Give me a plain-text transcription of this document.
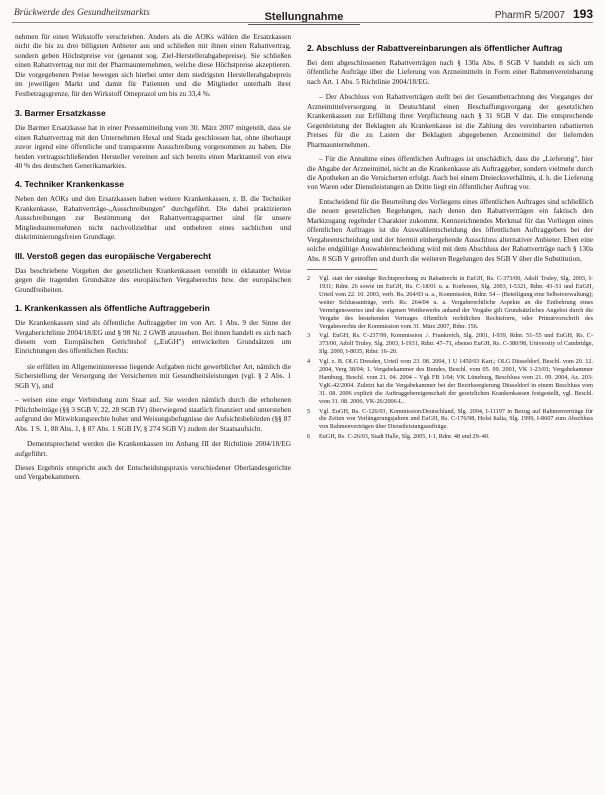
Brückwerde des Gesundheitsmarkts	Stellungnahme	PharmR 5/2007 193

nehmen für einen Wirkstoffe verschrieben. Anders als die AOKs wählen die Ersatzkassen nicht die bis zu drei billigsten Anbieter aus und schließen mit ihnen einen Rabattvertrag, sondern geben Höchstpreise vor (genannt sog. Ziel-Herstellerabgabepreise). Sie schließen einen Rabattvertrag nur mit der Pharmaunternehmen, welche diese Höchstpreise akzeptieren. Die vorgegebenen Preise bewegen sich hierbei unter dem niedrigsten Herstellerabgabepreis im jeweiligen Markt und damit für Patienten und die Mitglieder unterhalb ihrer Festbetragsgrenze, für den Wirkstoff Omeprazol um bis zu 33,4 %.

3. Barmer Ersatzkasse

Die Barmer Ersatzkasse hat in einer Pressemitteilung vom 30. März 2007 mitgeteilt, dass sie einen Rabattvertrag mit den Unternehmen Hexal und Stada geschlossen hat, ohne überhaupt zuvor irgend eine öffentliche und transparente Ausschreibung vorgenommen zu haben. Die beiden vertragsschließenden Hersteller vereinen auf sich bereits einen Marktanteil von etwa 40 % des deutschen Generikamarktes.

4. Techniker Krankenkasse

Neben den AOKs und den Ersatzkassen haben weitere Krankenkassen, z. B. die Techniker Krankenkasse, Rabattverträge-„Ausschreibungen" durchgeführt. Die dabei praktizierten Ausschreibungen zur Bestimmung der Rabattvertragspartner sind für unsere Mitgliedsunternehmen nicht nachvollziehbar und entbehren eines sachlichen und diskriminierungsfreien Grundlage.

III. Verstoß gegen das europäische Vergaberecht

Das beschriebene Vorgehen der gesetzlichen Krankenkassen verstößt in eklatanter Weise gegen die tragenden Grundsätze des europäischen Vergaberechts bzw. der europäischen Grundfreiheiten.

1. Krankenkassen als öffentliche Auftraggeberin

Die Krankenkassen sind als öffentliche Auftraggeber im von Art. 1 Abs. 9 der Sinne der Vergaberichtlinie 2004/18/EG und § 98 Nr. 2 GWB anzusehen. Bei ihnen handelt es sich nach diesem vom Europäischen Gerichtshof („EuGH") entwickelten Grundsätzen um Einrichtungen des öffentlichen Rechts:

sie erfüllen im Allgemeininteresse liegende Aufgaben nicht gewerblicher Art, nämlich die Sicherstellung der Versorgung der Versicherten mit Gesundheitsleistungen (vgl. § 2 Abs. 1 SGB V), und

– weisen eine enge Verbindung zum Staat auf. Sie werden nämlich durch die erhobenen Pflichtbeiträge (§§ 3 SGB V, 22, 28 SGB IV) überwiegend staatlich finanziert und unterstehen aufgrund der Mitwirkungsrechte hoher und Weisungsbefugnisse der Aufsichtsbehörden (§§ 87 Abs. 1 S. 1, 88 Abs. 1, § 87 Abs. 1 SGB IV, § 274 SGB V) zudem der Staatsaufsicht.

Dementsprechend werden die Krankenkassen im Anhang III der Richtlinie 2004/18/EG aufgeführt.

Dieses Ergebnis entspricht auch der Entscheidungspraxis verschiedener Oberlandesgerichte und Vergabekammern.

2. Abschluss der Rabattvereinbarungen als öffentlicher Auftrag

Bei dem abgeschlossenen Rabattverträgen nach § 130a Abs. 8 SGB V handelt es sich um öffentliche Aufträge über die Lieferung von Arzneimitteln in Form einer Rahmenvereinbarung nach Art. 1 Abs. 5 Richtlinie 2004/18/EG.

– Der Abschluss von Rabattverträgen stellt bei der Gesamtbetrachtung des Vorganges der Arzneimittelversorgung in Deutschland einen Beschaffungsvorgang der gesetzlichen Krankenkassen zur Erfüllung ihrer Verpflichtung nach § 31 SGB V dar. Die entsprechende Gegenleistung der Beklagten als Krankenkasse ist die Zahlung des vereinbarten rabattierten Preises für die zu Lasten der Beklagten abgegebenen Arzneimittel der liefernden Pharmaunternehmen.

– Für die Annahme eines öffentlichen Auftrages ist unschädlich, dass die „Lieferung", hier die Abgabe der Arzneimittel, nicht an die Krankenkasse als Auftraggeber, sondern vielmehr durch die Apotheken an die Versicherten erfolgt. Auch bei einem Dreiecksverhältnis, d. h. die Lieferung von Waren oder Dienstleistungen an Dritte liegt ein öffentlicher Auftrag vor.

Entscheidend für die Beurteilung des Vorliegens eines öffentlichen Auftrages sind schließlich die neuen gesetzlichen Regelungen, nach denen den Rabattverträgen ein faktisch den Marktzugang regelnder Charakter zukommt. Kennzeichnendes Merkmal für das Vorliegen eines öffentlichen Auftrages ist die Auswahlentscheidung des öffentlichen Auftraggebers bei der Vergabeentscheidung und der hiermit einhergehende Ausschluss alternativer Anbieter. Eben eine solche endgültige Auswahlentscheidung wird mit dem Abschluss der Rabattverträge nach § 130a Abs. 8 SGB V getroffen und durch die weiteren Regelungen des SGB V über die Substitution.

2	Vgl. statt der ständige Rechtsprechung zu Rabattrecht in EuGH, Rs. C-373/00, Adolf Truley, Slg. 2003, I-1931; Rdnr. 26 sowie im EuGH, Rs. C-18/01 u. a. Korhonen, Slg. 2003, I-5321, Rdnr. 43–51 und EuGH, Urteil vom 22. 10. 2003, verb. Rs. 264/03 u. a., Kommission, Rdnr. 54 – (Beteiligung eine Selbstverwaltung); weiter Schlussanträge, verb. Rs. 264/04 u. a. Vergaberechtliche Aspekte an die Entbehrung eines Vermögenswertes und des eigenen Wettbewerbs anhand der Vergabe gilt Grundsätzliches Angebot durch die Vergabe des bestehenden Vertrages öffentlich rechtlichen Rechtsform, oder Primärvorschrift des Vergabesrechts der Kommission vom 31. März 2007, Rdnr. 156.
3	Vgl. EuGH, Rs. C-237/99, Kommission ./. Frankreich, Slg. 2001, I-939, Rdnr. 51–55 und EuGH, Rs. C-373/00, Adolf Truley, Slg. 2003, I-1931, Rdnr. 47–71, ebenso EuGH, Rs. C-380/98, University of Cambridge, Slg. 2000, I-8035, Rdnr. 16–20.
4	Vgl. z. B. OLG Dresden, Urteil vom 23. 08. 2004, 1 U 1450/03 Kart.; OLG Düsseldorf, Beschl. vom 20. 12. 2004, Verg 38/04; 1. Vergabekammer des Bundes, Beschl. vom 05. 09. 2001, VK 1-23/01; Vergabekammer Hamburg, Beschl. vom 21. 04. 2004 – Vgk FB 1/04; VK Lüneburg, Beschluss vom 21. 09. 2004, Az. 203-VgK-42/2004. Zuletzt hat die Vergabekammer bei der Bezirksregierung Düsseldorf in einem Beschluss vom 31. 08. 2006 explizit die Auftraggebereigenschaft der gesetzlichen Krankenkassen festgestellt, vgl. Beschl. vom 31. 08. 2006, VK-26/2006-L.
5	Vgl. EuGH, Rs. C-126/03, Kommission/Deutschland, Slg. 2004, I-11197 in Bezug auf Rahmenverträge für die Zeiten von Verlängerungsjahren und EuGH, Rs. C-176/98, Holst Italia, Slg. 1999, I-8607 zum Abschluss von Rahmenverträgen über Dienstleistungsaufträge.
6	EuGH, Rs. C-26/03, Stadt Halle, Slg. 2005, I-1, Rdnr. 48 und 29–40.
